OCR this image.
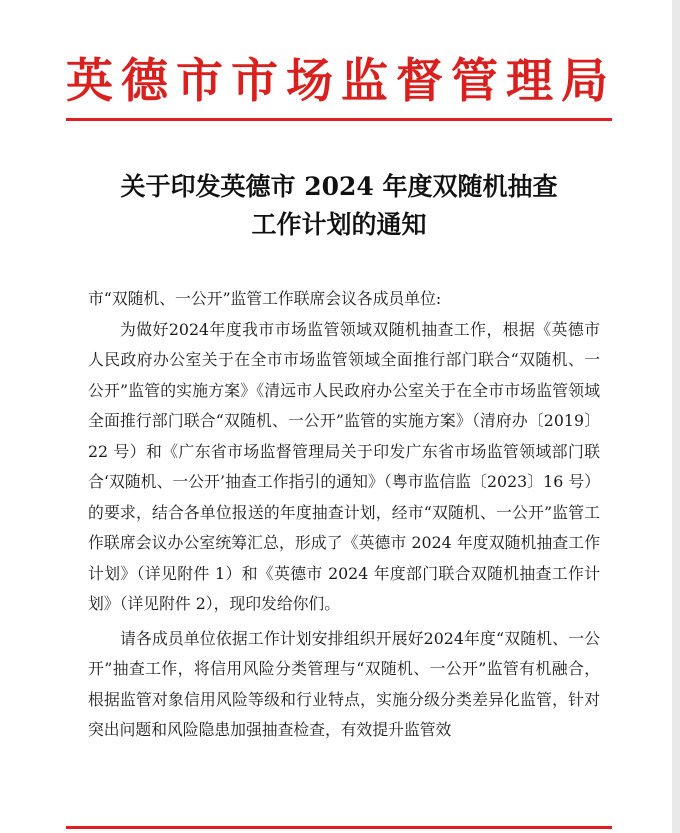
英德市市场监督管理局
关于印发英德市 2024 年度双随机抽查
工作计划的通知

市“双随机、一公开”监管工作联席会议各成员单位:

为做好2024年度我市市场监管领域双随机抽查工作，根据《英德市人民政府办公室关于在全市市场监管领域全面推行部门联合“双随机、一公开”监管的实施方案》《清远市人民政府办公室关于在全市市场监管领域全面推行部门联合“双随机、一公开”监管的实施方案》（清府办〔2019〕22 号）和《广东省市场监督管理局关于印发广东省市场监管领域部门联合‘双随机、一公开’抽查工作指引的通知》（粤市监信监〔2023〕16 号）的要求，结合各单位报送的年度抽查计划，经市“双随机、一公开”监管工作联席会议办公室统筹汇总，形成了《英德市 2024 年度双随机抽查工作计划》（详见附件 1）和《英德市 2024 年度部门联合双随机抽查工作计划》（详见附件 2），现印发给你们。

请各成员单位依据工作计划安排组织开展好2024年度“双随机、一公开”抽查工作，将信用风险分类管理与“双随机、一公开”监管有机融合，根据监管对象信用风险等级和行业特点，实施分级分类差异化监管，针对突出问题和风险隐患加强抽查检查，有效提升监管效
